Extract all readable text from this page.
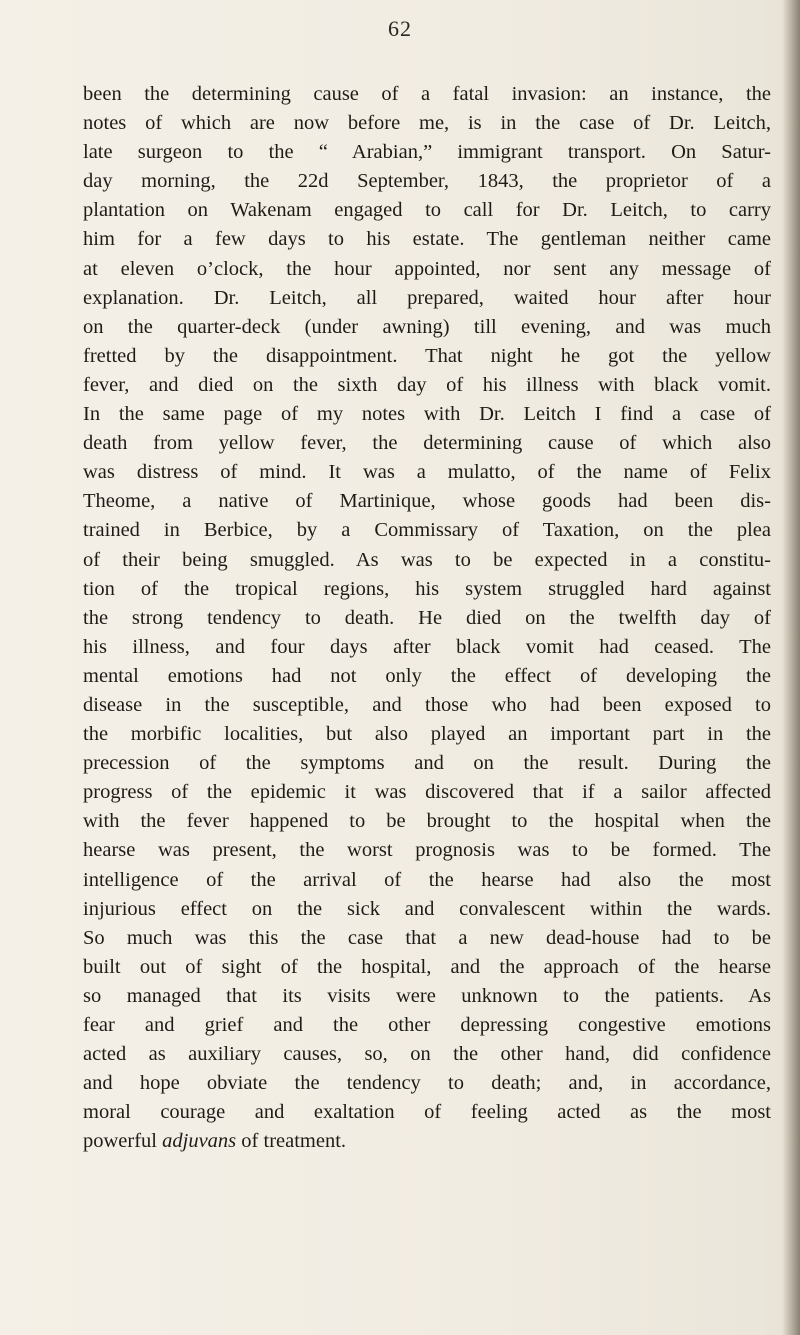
62
been the determining cause of a fatal invasion: an instance, the
notes of which are now before me, is in the case of Dr. Leitch,
late surgeon to the “ Arabian,” immigrant transport. On Satur-
day morning, the 22d September, 1843, the proprietor of a
plantation on Wakenam engaged to call for Dr. Leitch, to carry
him for a few days to his estate. The gentleman neither came
at eleven o’clock, the hour appointed, nor sent any message of
explanation. Dr. Leitch, all prepared, waited hour after hour
on the quarter-deck (under awning) till evening, and was much
fretted by the disappointment. That night he got the yellow
fever, and died on the sixth day of his illness with black vomit.
In the same page of my notes with Dr. Leitch I find a case of
death from yellow fever, the determining cause of which also
was distress of mind. It was a mulatto, of the name of Felix
Theome, a native of Martinique, whose goods had been dis-
trained in Berbice, by a Commissary of Taxation, on the plea
of their being smuggled. As was to be expected in a constitu-
tion of the tropical regions, his system struggled hard against
the strong tendency to death. He died on the twelfth day of
his illness, and four days after black vomit had ceased. The
mental emotions had not only the effect of developing the
disease in the susceptible, and those who had been exposed to
the morbific localities, but also played an important part in the
precession of the symptoms and on the result. During the
progress of the epidemic it was discovered that if a sailor affected
with the fever happened to be brought to the hospital when the
hearse was present, the worst prognosis was to be formed. The
intelligence of the arrival of the hearse had also the most
injurious effect on the sick and convalescent within the wards.
So much was this the case that a new dead-house had to be
built out of sight of the hospital, and the approach of the hearse
so managed that its visits were unknown to the patients. As
fear and grief and the other depressing congestive emotions
acted as auxiliary causes, so, on the other hand, did confidence
and hope obviate the tendency to death; and, in accordance,
moral courage and exaltation of feeling acted as the most
powerful adjuvans of treatment.
